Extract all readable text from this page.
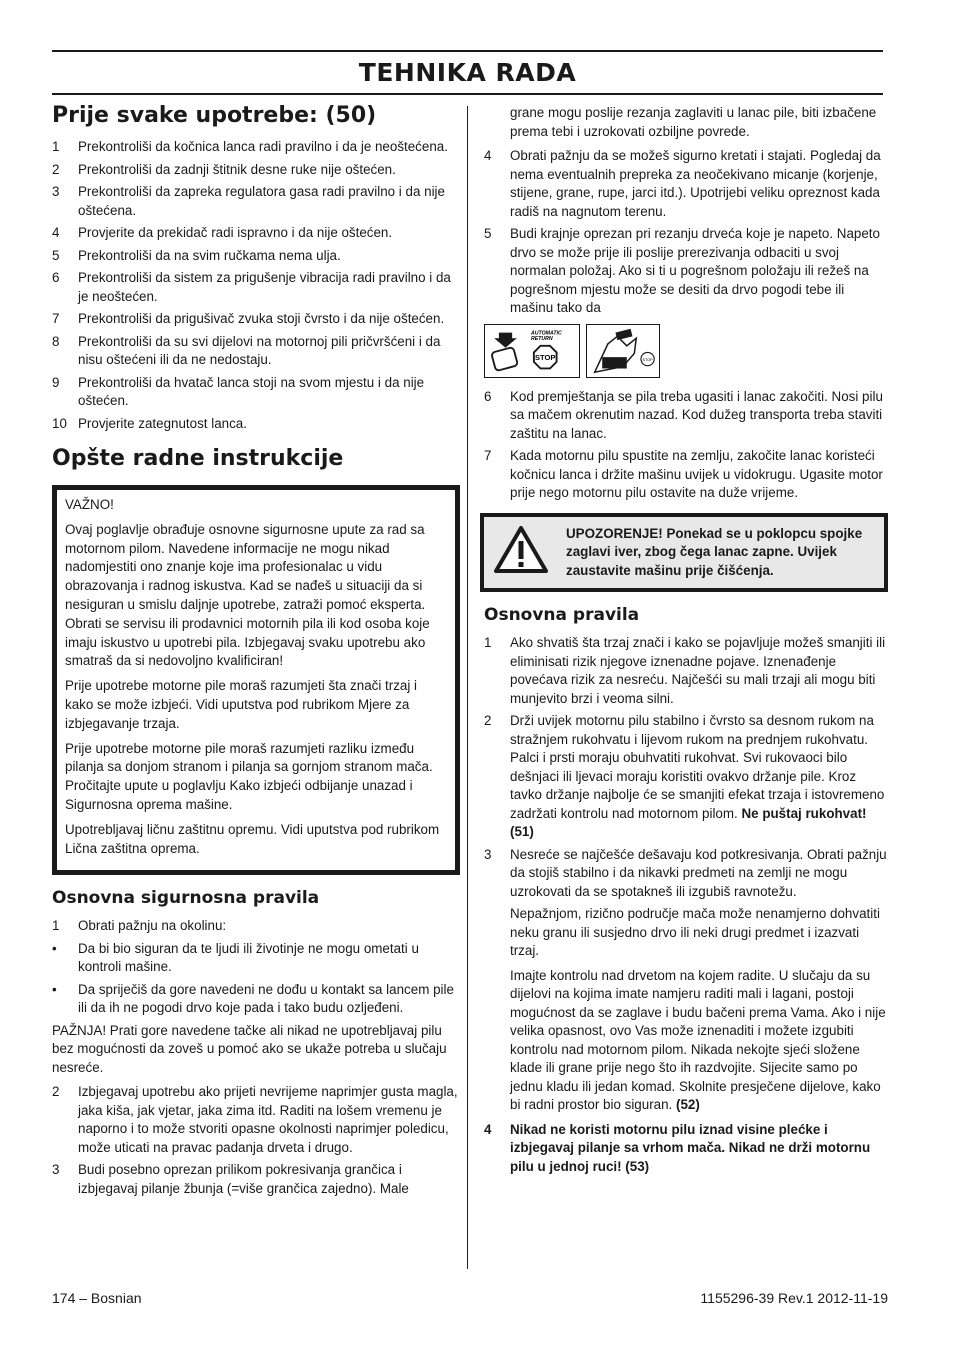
TEHNIKA RADA
Prije svake upotrebe: (50)
1	Prekontroliši da kočnica lanca radi pravilno i da je neoštećena.
2	Prekontroliši da zadnji štitnik desne ruke nije oštećen.
3	Prekontroliši da zapreka regulatora gasa radi pravilno i da nije oštećena.
4	Provjerite da prekidač radi ispravno i da nije oštećen.
5	Prekontroliši da na svim ručkama nema ulja.
6	Prekontroliši da sistem za prigušenje vibracija radi pravilno i da je neoštećen.
7	Prekontroliši da prigušivač zvuka stoji čvrsto i da nije oštećen.
8	Prekontroliši da su svi dijelovi na motornoj pili pričvršćeni i da nisu oštećeni ili da ne nedostaju.
9	Prekontroliši da hvatač lanca stoji na svom mjestu i da nije oštećen.
10 Provjerite zategnutost lanca.
Opšte radne instrukcije

VAŽNO!

Ovaj poglavlje obrađuje osnovne sigurnosne upute za rad sa motornom pilom. Navedene informacije ne mogu nikad nadomjestiti ono znanje koje ima profesionalac u vidu obrazovanja i radnog iskustva. Kad se nađeš u situaciji da si nesiguran u smislu daljnje upotrebe, zatraži pomoć eksperta. Obrati se servisu ili prodavnici motornih pila ili kod osoba koje imaju iskustvo u upotrebi pila. Izbjegavaj svaku upotrebu ako smatraš da si nedovoljno kvalificiran!

Prije upotrebe motorne pile moraš razumjeti šta znači trzaj i kako se može izbjeći. Vidi uputstva pod rubrikom Mjere za izbjegavanje trzaja.

Prije upotrebe motorne pile moraš razumjeti razliku između pilanja sa donjom stranom i pilanja sa gornjom stranom mača. Pročitajte upute u poglavlju Kako izbjeći odbijanje unazad i Sigurnosna oprema mašine.

Upotrebljavaj ličnu zaštitnu opremu. Vidi uputstva pod rubrikom Lična zaštitna oprema.

Osnovna sigurnosna pravila
1	Obrati pažnju na okolinu:
•	Da bi bio siguran da te ljudi ili životinje ne mogu ometati u kontroli mašine.
•	Da spriječiš da gore navedeni ne dođu u kontakt sa lancem pile ili da ih ne pogodi drvo koje pada i tako budu ozljeđeni.

PAŽNJA! Prati gore navedene tačke ali nikad ne upotrebljavaj pilu bez mogućnosti da zoveš u pomoć ako se ukaže potreba u slučaju nesreće.

2	Izbjegavaj upotrebu ako prijeti nevrijeme naprimjer gusta magla, jaka kiša, jak vjetar, jaka zima itd. Raditi na lošem vremenu je naporno i to može stvoriti opasne okolnosti naprimjer poledicu, može uticati na pravac padanja drveta i drugo.
3	Budi posebno oprezan prilikom pokresivanja grančica i izbjegavaj pilanje žbunja (=više grančica zajedno). Male

grane mogu poslije rezanja zaglaviti u lanac pile, biti izbačene prema tebi i uzrokovati ozbiljne povrede.

4	Obrati pažnju da se možeš sigurno kretati i stajati. Pogledaj da nema eventualnih prepreka za neočekivano micanje (korjenje, stijene, grane, rupe, jarci itd.). Upotrijebi veliku opreznost kada radiš na nagnutom terenu.
5	Budi krajnje oprezan pri rezanju drveća koje je napeto. Napeto drvo se može prije ili poslije prerezivanja odbaciti u svoj normalan položaj. Ako si ti u pogrešnom položaju ili režeš na pogrešnom mjestu može se desiti da drvo pogodi tebe ili mašinu tako da
AUTOMATIC
RETURN
STOP	STOP
6	Kod premještanja se pila treba ugasiti i lanac zakočiti. Nosi pilu sa mačem okrenutim nazad. Kod dužeg transporta treba staviti zaštitu na lanac.
7	Kada motornu pilu spustite na zemlju, zakočite lanac koristeći kočnicu lanca i držite mašinu uvijek u vidokrugu. Ugasite motor prije nego motornu pilu ostavite na duže vrijeme.
UPOZORENJE! Ponekad se u poklopcu spojke zaglavi iver, zbog čega lanac zapne. Uvijek zaustavite mašinu prije čišćenja.
Osnovna pravila
1	Ako shvatiš šta trzaj znači i kako se pojavljuje možeš smanjiti ili eliminisati rizik njegove iznenadne pojave. Iznenađenje povećava rizik za nesreću. Najčešći su mali trzaji ali mogu biti munjevito brzi i veoma silni.
2	Drži uvijek motornu pilu stabilno i čvrsto sa desnom rukom na stražnjem rukohvatu i lijevom rukom na prednjem rukohvatu. Palci i prsti moraju obuhvatiti rukohvat. Svi rukovaoci bilo dešnjaci ili ljevaci moraju koristiti ovakvo držanje pile. Kroz tavko držanje najbolje će se smanjiti efekat trzaja i istovremeno zadržati kontrolu nad motornom pilom. Ne puštaj rukohvat! (51)
3	Nesreće se najčešće dešavaju kod potkresivanja. Obrati pažnju da stojiš stabilno i da nikavki predmeti na zemlji ne mogu uzrokovati da se spotakneš ili izgubiš ravnotežu.

Nepažnjom, rizično područje mača može nenamjerno dohvatiti neku granu ili susjedno drvo ili neki drugi predmet i izazvati trzaj.

Imajte kontrolu nad drvetom na kojem radite. U slučaju da su dijelovi na kojima imate namjeru raditi mali i lagani, postoji mogućnost da se zaglave i budu bačeni prema Vama. Ako i nije velika opasnost, ovo Vas može iznenaditi i možete izgubiti kontrolu nad motornom pilom. Nikada nekojte sjeći složene klade ili grane prije nego što ih razdvojite. Sijecite samo po jednu kladu ili jedan komad. Skolnite presječene dijelove, kako bi radni prostor bio siguran. (52)

4	Nikad ne koristi motornu pilu iznad visine plećke i izbjegavaj pilanje sa vrhom mača. Nikad ne drži motornu pilu u jednoj ruci! (53)
174 – Bosnian	1155296-39 Rev.1 2012-11-19
